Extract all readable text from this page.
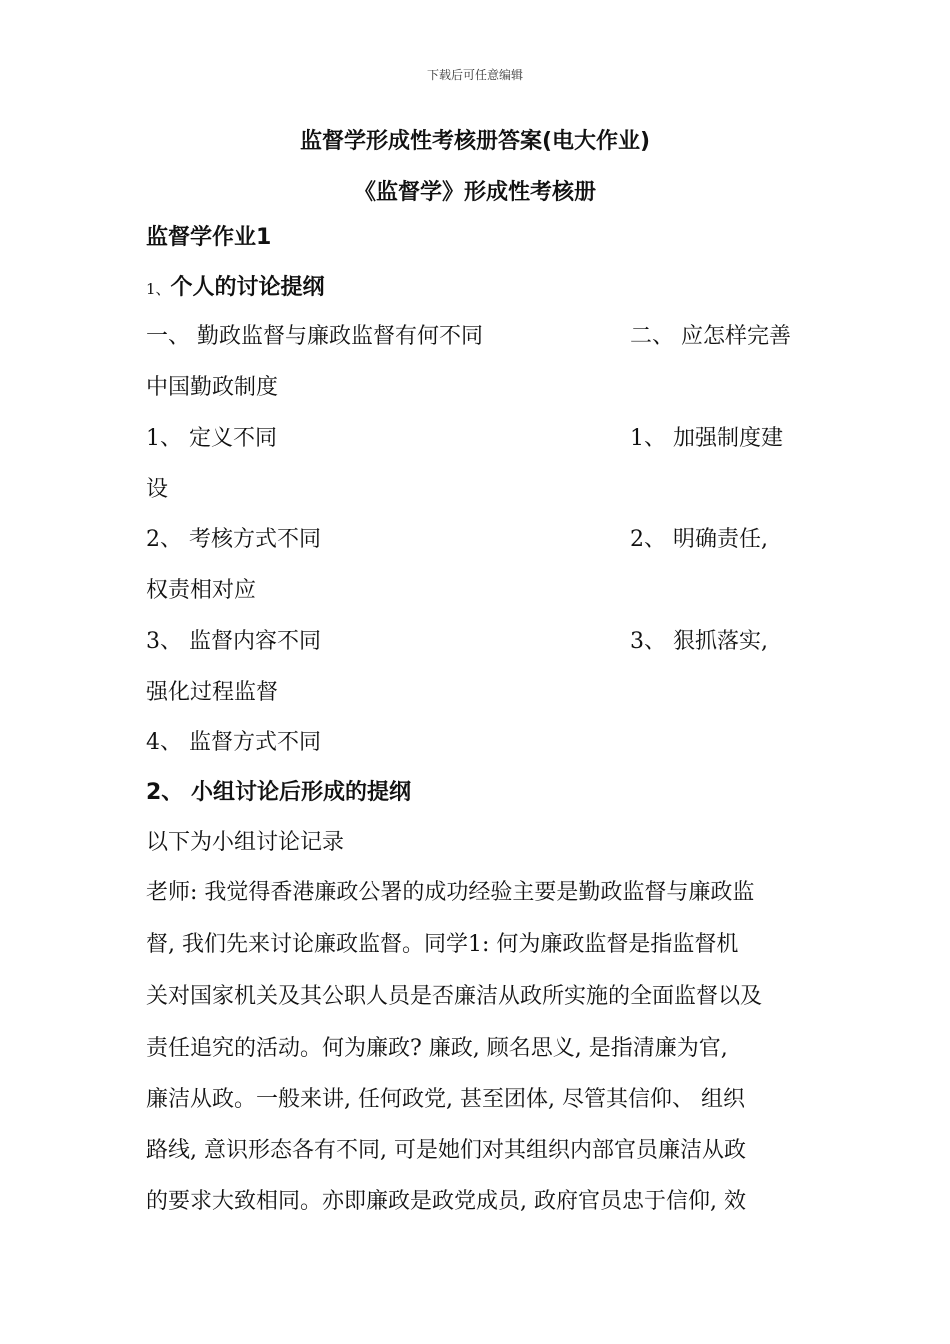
下载后可任意编辑
监督学形成性考核册答案(电大作业)
《监督学》形成性考核册
监督学作业1
1、个人的讨论提纲
一、 勤政监督与廉政监督有何不同	二、 应怎样完善
中国勤政制度
1、 定义不同	1、 加强制度建
设
2、 考核方式不同	2、 明确责任,
权责相对应
3、 监督内容不同	3、 狠抓落实,
强化过程监督
4、 监督方式不同
2、 小组讨论后形成的提纲
以下为小组讨论记录
老师: 我觉得香港廉政公署的成功经验主要是勤政监督与廉政监
督, 我们先来讨论廉政监督。同学1: 何为廉政监督是指监督机
关对国家机关及其公职人员是否廉洁从政所实施的全面监督以及
责任追究的活动。何为廉政? 廉政, 顾名思义, 是指清廉为官,
廉洁从政。一般来讲, 任何政党, 甚至团体, 尽管其信仰、 组织
路线, 意识形态各有不同, 可是她们对其组织内部官员廉洁从政
的要求大致相同。亦即廉政是政党成员, 政府官员忠于信仰, 效
